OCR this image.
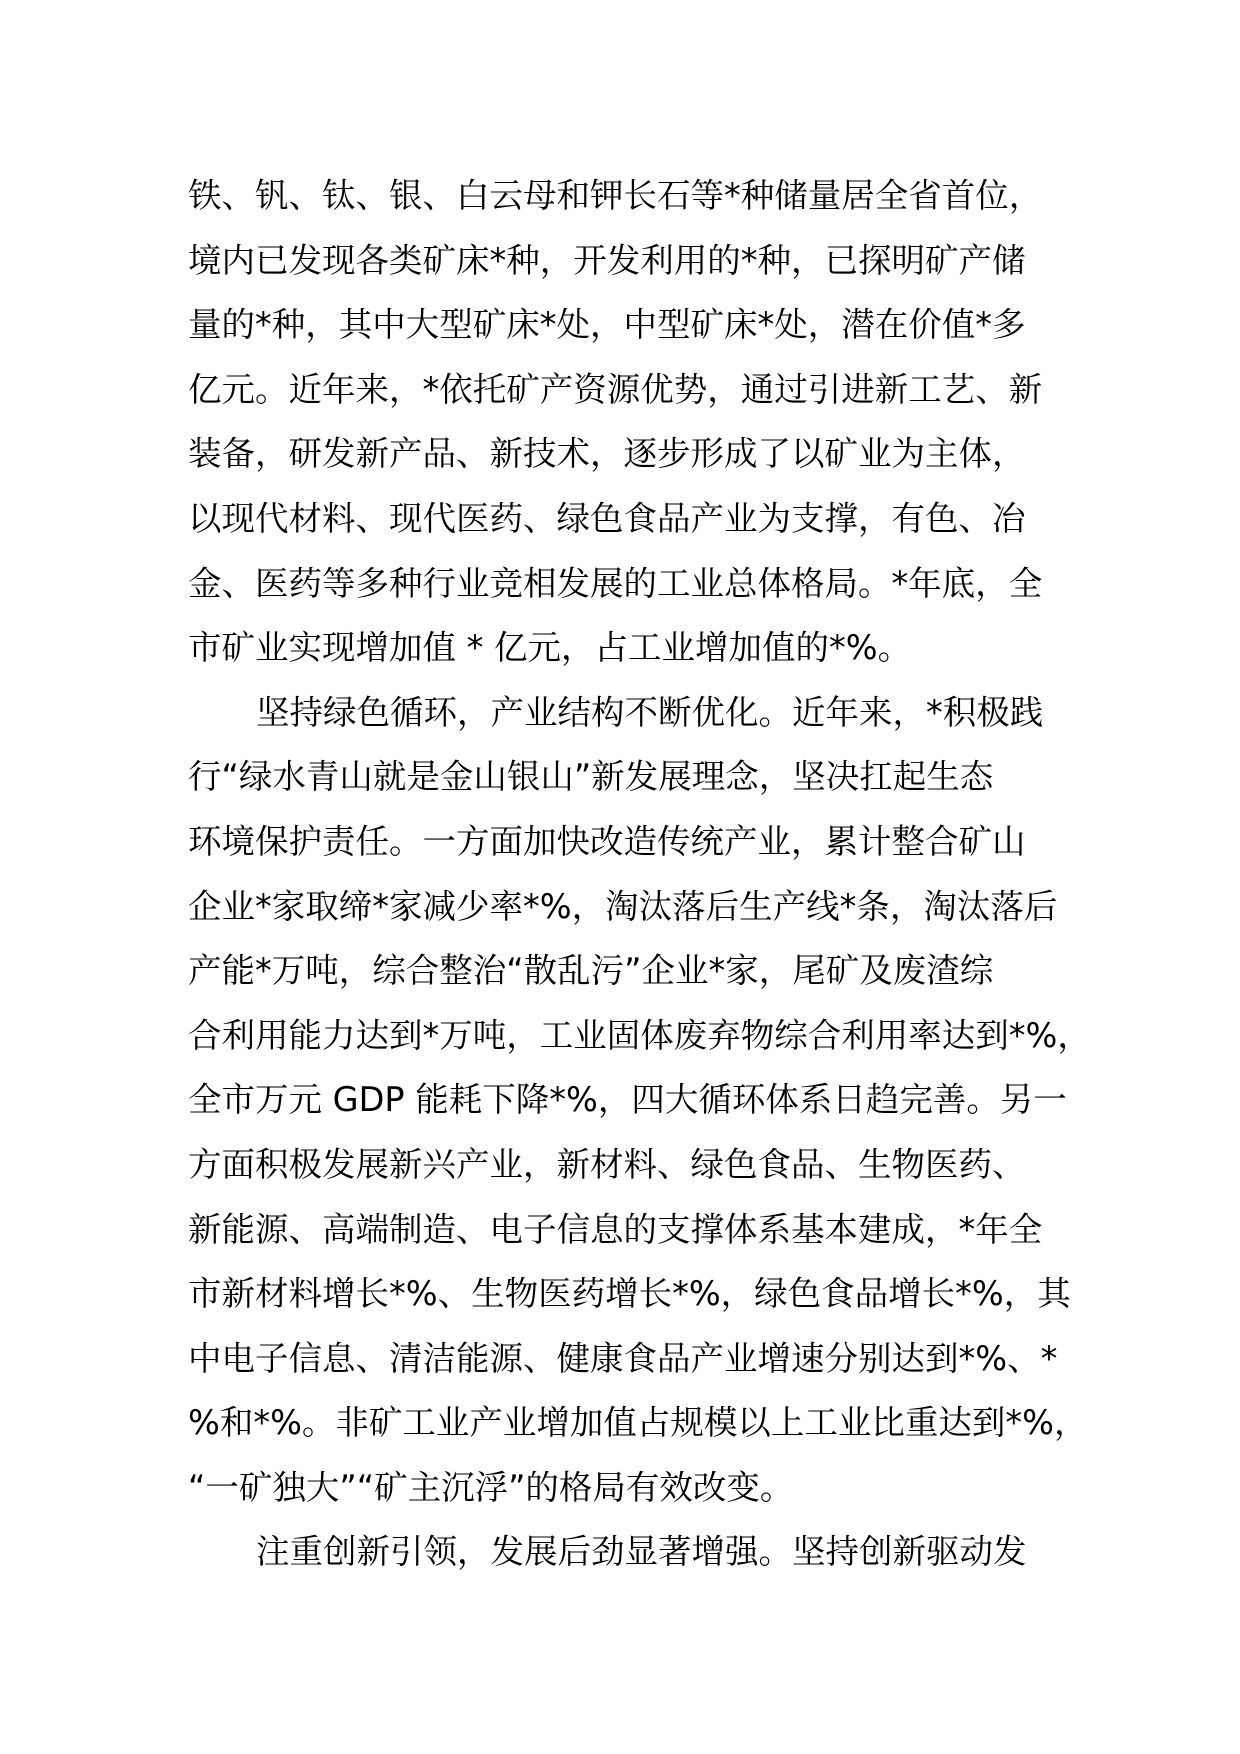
铁、钒、钛、银、白云母和钾长石等*种储量居全省首位，
境内已发现各类矿床*种，开发利用的*种，已探明矿产储
量的*种，其中大型矿床*处，中型矿床*处，潜在价值*多
亿元。近年来，*依托矿产资源优势，通过引进新工艺、新
装备，研发新产品、新技术，逐步形成了以矿业为主体，
以现代材料、现代医药、绿色食品产业为支撑，有色、冶
金、医药等多种行业竞相发展的工业总体格局。*年底，全
市矿业实现增加值 * 亿元，占工业增加值的*%。
坚持绿色循环，产业结构不断优化。近年来，*积极践
行“绿水青山就是金山银山”新发展理念，坚决扛起生态
环境保护责任。一方面加快改造传统产业，累计整合矿山
企业*家取缔*家减少率*%，淘汰落后生产线*条，淘汰落后
产能*万吨，综合整治“散乱污”企业*家，尾矿及废渣综
合利用能力达到*万吨，工业固体废弃物综合利用率达到*%，
全市万元 GDP 能耗下降*%，四大循环体系日趋完善。另一
方面积极发展新兴产业，新材料、绿色食品、生物医药、
新能源、高端制造、电子信息的支撑体系基本建成，*年全
市新材料增长*%、生物医药增长*%，绿色食品增长*%，其
中电子信息、清洁能源、健康食品产业增速分别达到*%、*
%和*%。非矿工业产业增加值占规模以上工业比重达到*%，
“一矿独大”“矿主沉浮”的格局有效改变。
注重创新引领，发展后劲显著增强。坚持创新驱动发
